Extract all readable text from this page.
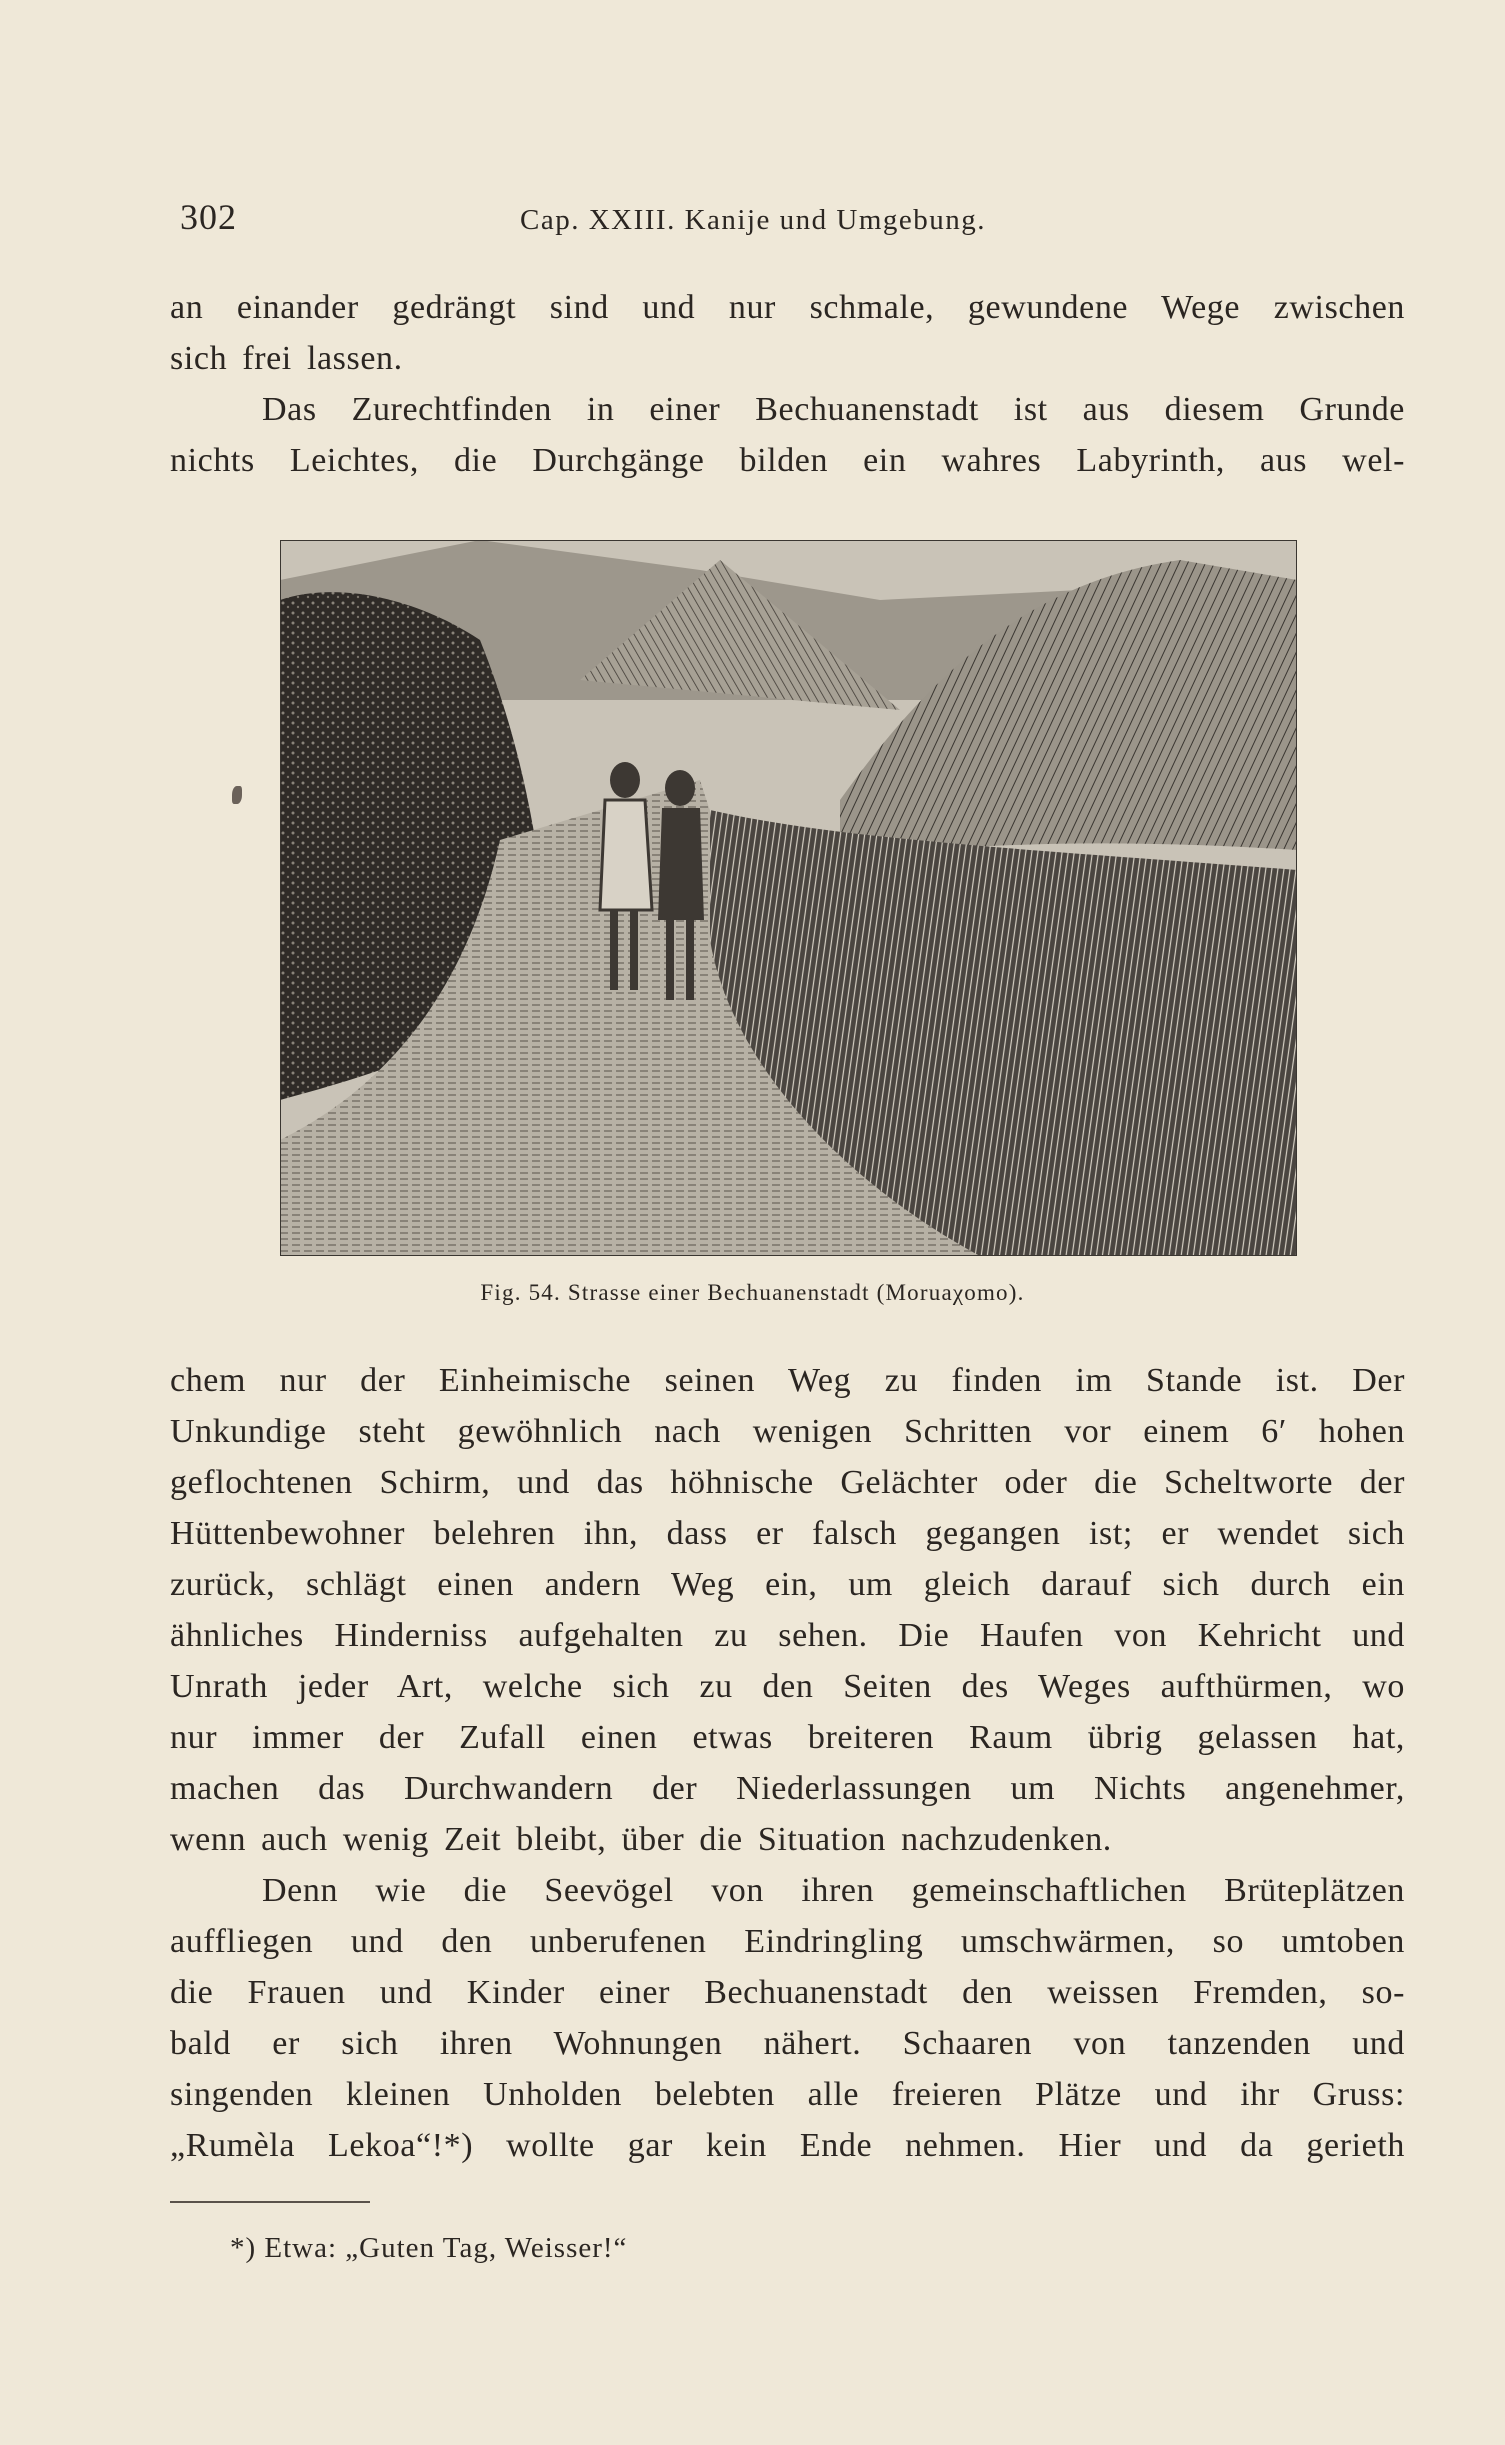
302	Cap. XXIII. Kanije und Umgebung.
an einander gedrängt sind und nur schmale, gewundene Wege zwischen
sich frei lassen.
Das Zurechtfinden in einer Bechuanenstadt ist aus diesem Grunde
nichts Leichtes, die Durchgänge bilden ein wahres Labyrinth, aus wel-
Fig. 54. Strasse einer Bechuanenstadt (Moruaχomo).
chem nur der Einheimische seinen Weg zu finden im Stande ist. Der
Unkundige steht gewöhnlich nach wenigen Schritten vor einem 6′ hohen
geflochtenen Schirm, und das höhnische Gelächter oder die Scheltworte der
Hüttenbewohner belehren ihn, dass er falsch gegangen ist; er wendet sich
zurück, schlägt einen andern Weg ein, um gleich darauf sich durch ein
ähnliches Hinderniss aufgehalten zu sehen. Die Haufen von Kehricht und
Unrath jeder Art, welche sich zu den Seiten des Weges aufthürmen, wo
nur immer der Zufall einen etwas breiteren Raum übrig gelassen hat,
machen das Durchwandern der Niederlassungen um Nichts angenehmer,
wenn auch wenig Zeit bleibt, über die Situation nachzudenken.
Denn wie die Seevögel von ihren gemeinschaftlichen Brüteplätzen
auffliegen und den unberufenen Eindringling umschwärmen, so umtoben
die Frauen und Kinder einer Bechuanenstadt den weissen Fremden, so-
bald er sich ihren Wohnungen nähert. Schaaren von tanzenden und
singenden kleinen Unholden belebten alle freieren Plätze und ihr Gruss:
„Rumèla Lekoa“!*) wollte gar kein Ende nehmen. Hier und da gerieth
*) Etwa: „Guten Tag, Weisser!“
